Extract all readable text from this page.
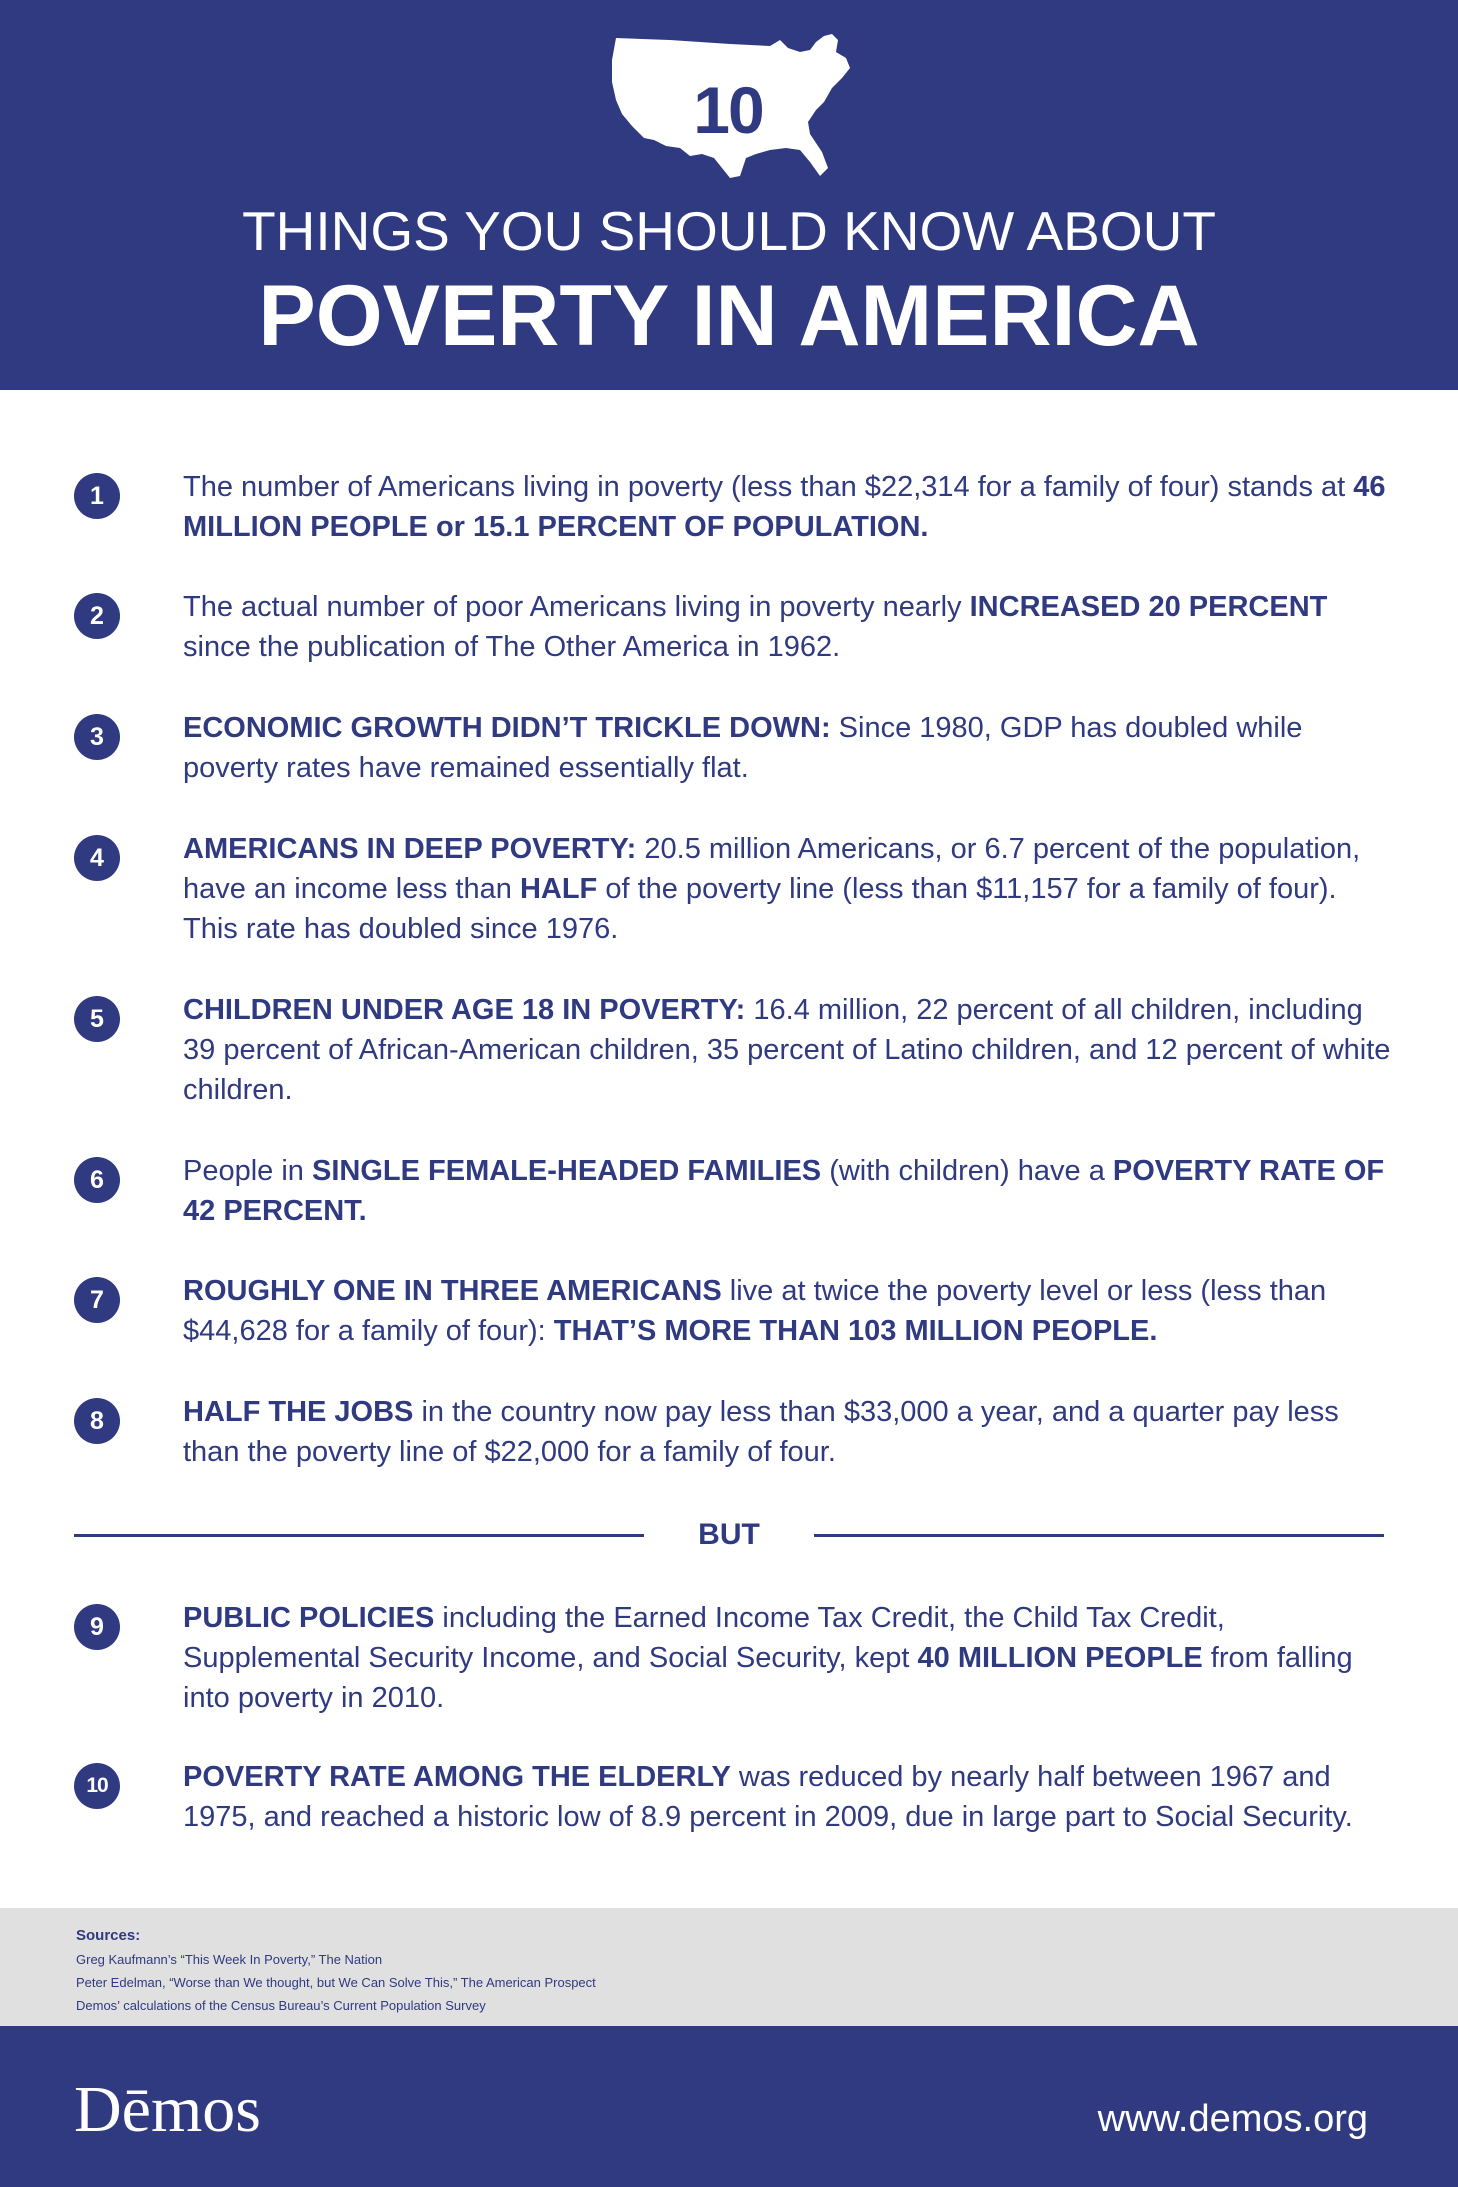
10
THINGS YOU SHOULD KNOW ABOUT
POVERTY IN AMERICA
1	The number of Americans living in poverty (less than $22,314 for a family of four) stands at 46 MILLION PEOPLE or 15.1 PERCENT OF POPULATION.
2	The actual number of poor Americans living in poverty nearly INCREASED 20 PERCENT since the publication of The Other America in 1962.
3	ECONOMIC GROWTH DIDN’T TRICKLE DOWN: Since 1980, GDP has doubled while poverty rates have remained essentially flat.
4	AMERICANS IN DEEP POVERTY: 20.5 million Americans, or 6.7 percent of the population, have an income less than HALF of the poverty line (less than $11,157 for a family of four). This rate has doubled since 1976.
5	CHILDREN UNDER AGE 18 IN POVERTY: 16.4 million, 22 percent of all children, including 39 percent of African-American children, 35 percent of Latino children, and 12 percent of white children.
6	People in SINGLE FEMALE-HEADED FAMILIES (with children) have a POVERTY RATE OF 42 PERCENT.
7	ROUGHLY ONE IN THREE AMERICANS live at twice the poverty level or less (less than $44,628 for a family of four): THAT’S MORE THAN 103 MILLION PEOPLE.
8	HALF THE JOBS in the country now pay less than $33,000 a year, and a quarter pay less than the poverty line of $22,000 for a family of four.
9	PUBLIC POLICIES including the Earned Income Tax Credit, the Child Tax Credit, Supplemental Security Income, and Social Security, kept 40 MILLION PEOPLE from falling into poverty in 2010.
10	POVERTY RATE AMONG THE ELDERLY was reduced by nearly half between 1967 and 1975, and reached a historic low of 8.9 percent in 2009, due in large part to Social Security.
BUT
Sources:
Greg Kaufmann’s “This Week In Poverty,” The Nation
Peter Edelman, “Worse than We thought, but We Can Solve This,” The American Prospect
Demos’ calculations of the Census Bureau’s Current Population Survey
Dēmos	www.demos.org
